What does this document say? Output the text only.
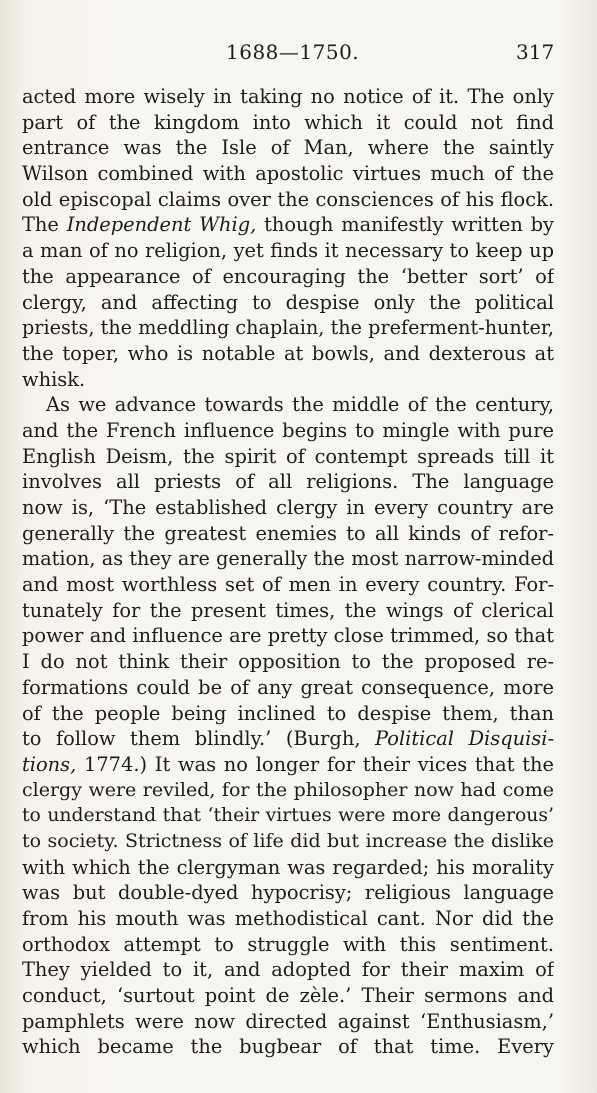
1688—1750.	317
acted more wisely in taking no notice of it. The only
part of the kingdom into which it could not find
entrance was the Isle of Man, where the saintly
Wilson combined with apostolic virtues much of the
old episcopal claims over the consciences of his flock.
The Independent Whig, though manifestly written by
a man of no religion, yet finds it necessary to keep up
the appearance of encouraging the ‘better sort’ of
clergy, and affecting to despise only the political
priests, the meddling chaplain, the preferment-hunter,
the toper, who is notable at bowls, and dexterous at
whisk.
As we advance towards the middle of the century,
and the French influence begins to mingle with pure
English Deism, the spirit of contempt spreads till it
involves all priests of all religions. The language
now is, ‘The established clergy in every country are
generally the greatest enemies to all kinds of refor-
mation, as they are generally the most narrow-minded
and most worthless set of men in every country. For-
tunately for the present times, the wings of clerical
power and influence are pretty close trimmed, so that
I do not think their opposition to the proposed re-
formations could be of any great consequence, more
of the people being inclined to despise them, than
to follow them blindly.’ (Burgh, Political Disquisi-
tions, 1774.) It was no longer for their vices that the
clergy were reviled, for the philosopher now had come
to understand that ‘their virtues were more dangerous’
to society. Strictness of life did but increase the dislike
with which the clergyman was regarded; his morality
was but double-dyed hypocrisy; religious language
from his mouth was methodistical cant. Nor did the
orthodox attempt to struggle with this sentiment.
They yielded to it, and adopted for their maxim of
conduct, ‘surtout point de zèle.’ Their sermons and
pamphlets were now directed against ‘Enthusiasm,’
which became the bugbear of that time. Every
